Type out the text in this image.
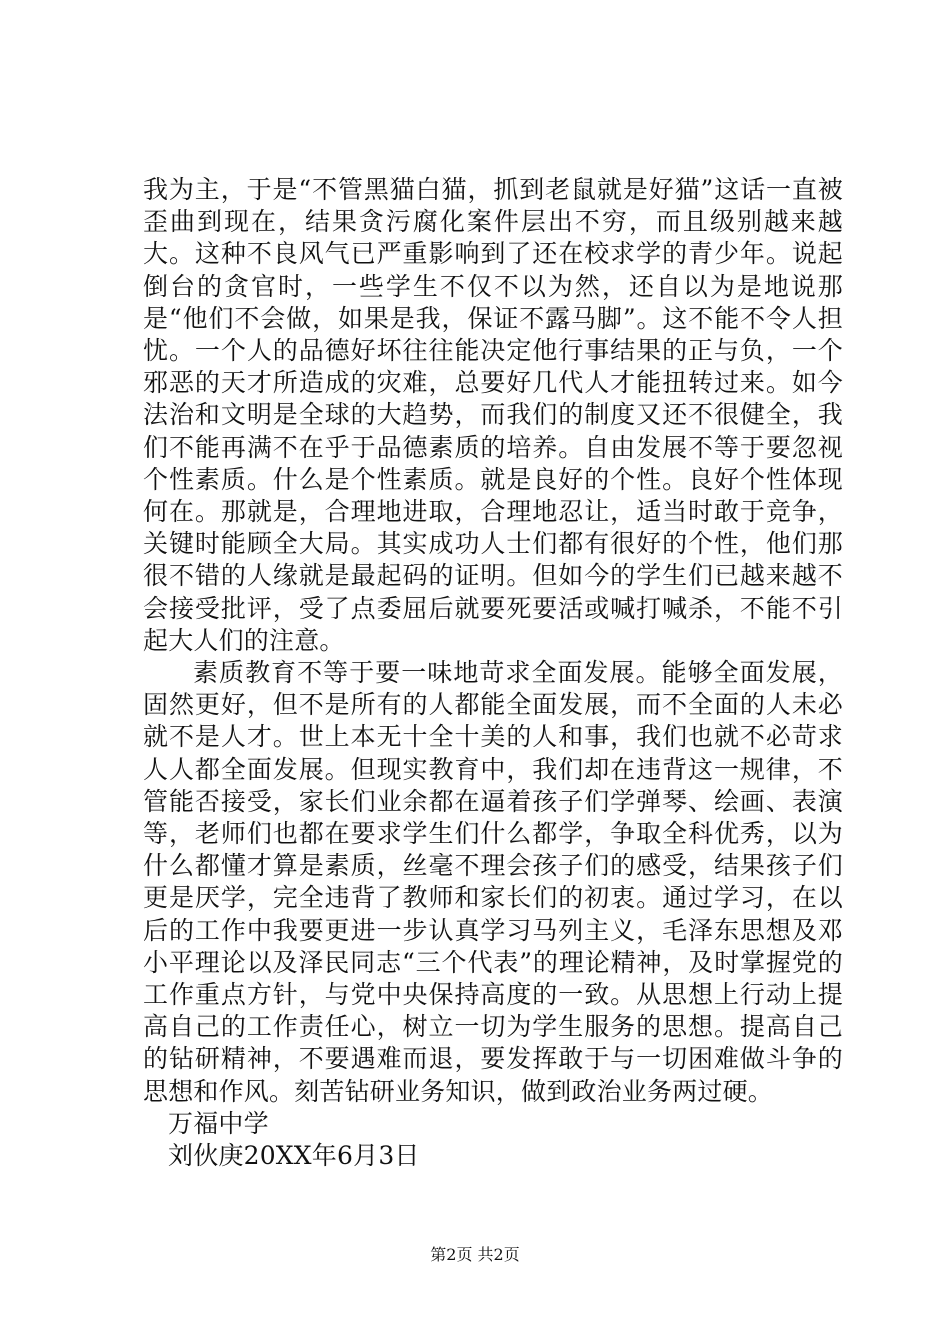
我为主，于是“不管黑猫白猫，抓到老鼠就是好猫”这话一直被歪曲到现在，结果贪污腐化案件层出不穷，而且级别越来越大。这种不良风气已严重影响到了还在校求学的青少年。说起倒台的贪官时，一些学生不仅不以为然，还自以为是地说那是“他们不会做，如果是我，保证不露马脚”。这不能不令人担忧。一个人的品德好坏往往能决定他行事结果的正与负，一个邪恶的天才所造成的灾难，总要好几代人才能扭转过来。如今法治和文明是全球的大趋势，而我们的制度又还不很健全，我们不能再满不在乎于品德素质的培养。自由发展不等于要忽视个性素质。什么是个性素质。就是良好的个性。良好个性体现何在。那就是，合理地进取，合理地忍让，适当时敢于竞争，关键时能顾全大局。其实成功人士们都有很好的个性，他们那很不错的人缘就是最起码的证明。但如今的学生们已越来越不会接受批评，受了点委屈后就要死要活或喊打喊杀，不能不引起大人们的注意。

素质教育不等于要一味地苛求全面发展。能够全面发展，固然更好，但不是所有的人都能全面发展，而不全面的人未必就不是人才。世上本无十全十美的人和事，我们也就不必苛求人人都全面发展。但现实教育中，我们却在违背这一规律，不管能否接受，家长们业余都在逼着孩子们学弹琴、绘画、表演等，老师们也都在要求学生们什么都学，争取全科优秀，以为什么都懂才算是素质，丝毫不理会孩子们的感受，结果孩子们更是厌学，完全违背了教师和家长们的初衷。通过学习，在以后的工作中我要更进一步认真学习马列主义，毛泽东思想及邓小平理论以及泽民同志“三个代表”的理论精神，及时掌握党的工作重点方针，与党中央保持高度的一致。从思想上行动上提高自己的工作责任心，树立一切为学生服务的思想。提高自己的钻研精神，不要遇难而退，要发挥敢于与一切困难做斗争的思想和作风。刻苦钻研业务知识，做到政治业务两过硬。

万福中学

刘伙庚20XX年6月3日

第2页 共2页
